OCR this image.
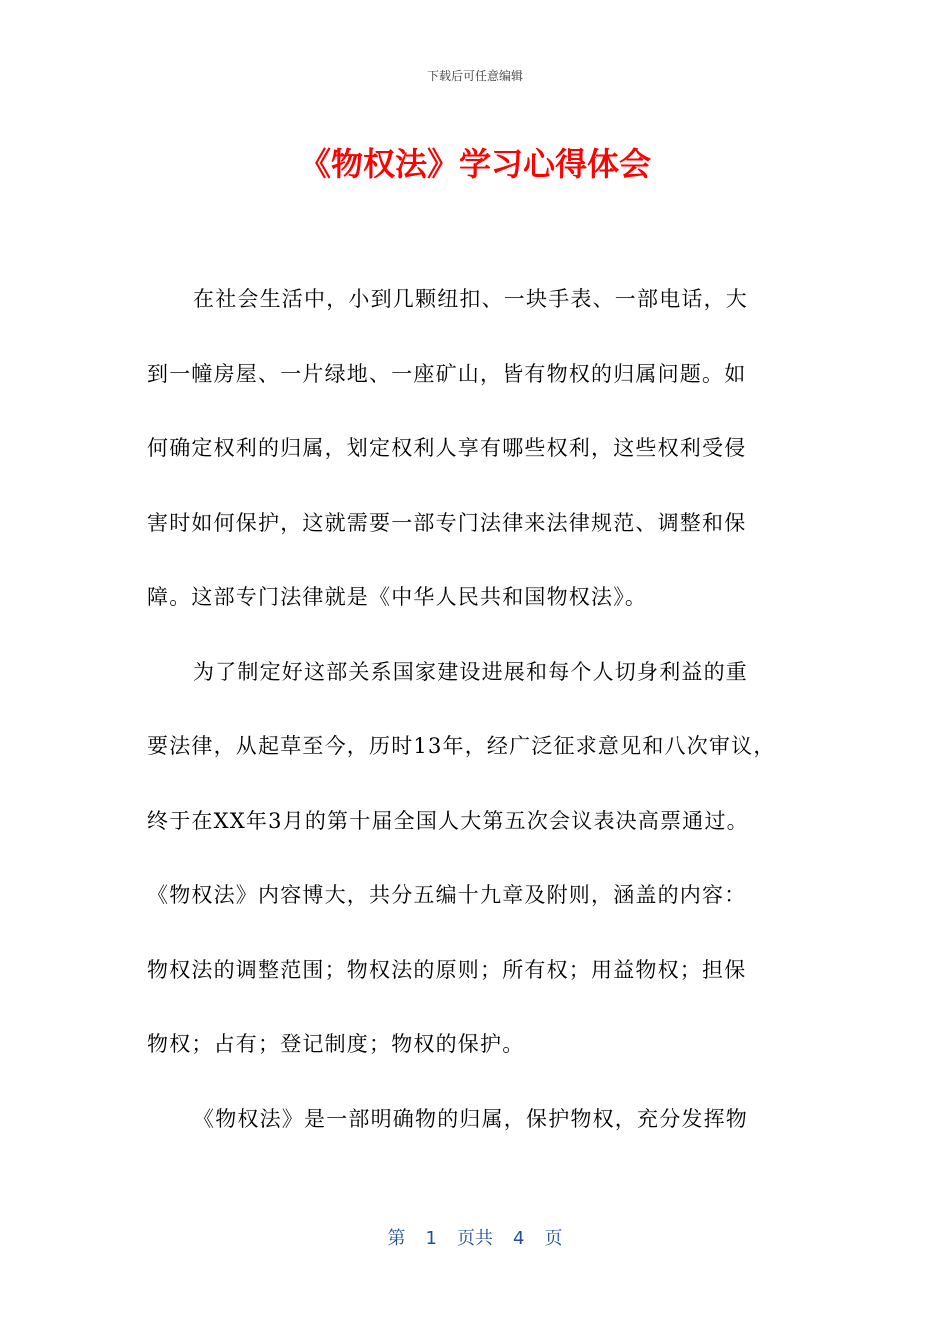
下载后可任意编辑
《物权法》学习心得体会
在社会生活中，小到几颗纽扣、一块手表、一部电话，大
到一幢房屋、一片绿地、一座矿山，皆有物权的归属问题。如
何确定权利的归属，划定权利人享有哪些权利，这些权利受侵
害时如何保护，这就需要一部专门法律来法律规范、调整和保
障。这部专门法律就是《中华人民共和国物权法》。
为了制定好这部关系国家建设进展和每个人切身利益的重
要法律，从起草至今，历时13年，经广泛征求意见和八次审议，
终于在XX年3月的第十届全国人大第五次会议表决高票通过。
《物权法》内容博大，共分五编十九章及附则，涵盖的内容：
物权法的调整范围；物权法的原则；所有权；用益物权；担保
物权；占有；登记制度；物权的保护。
《物权法》是一部明确物的归属，保护物权，充分发挥物
第 1 页共 4 页
